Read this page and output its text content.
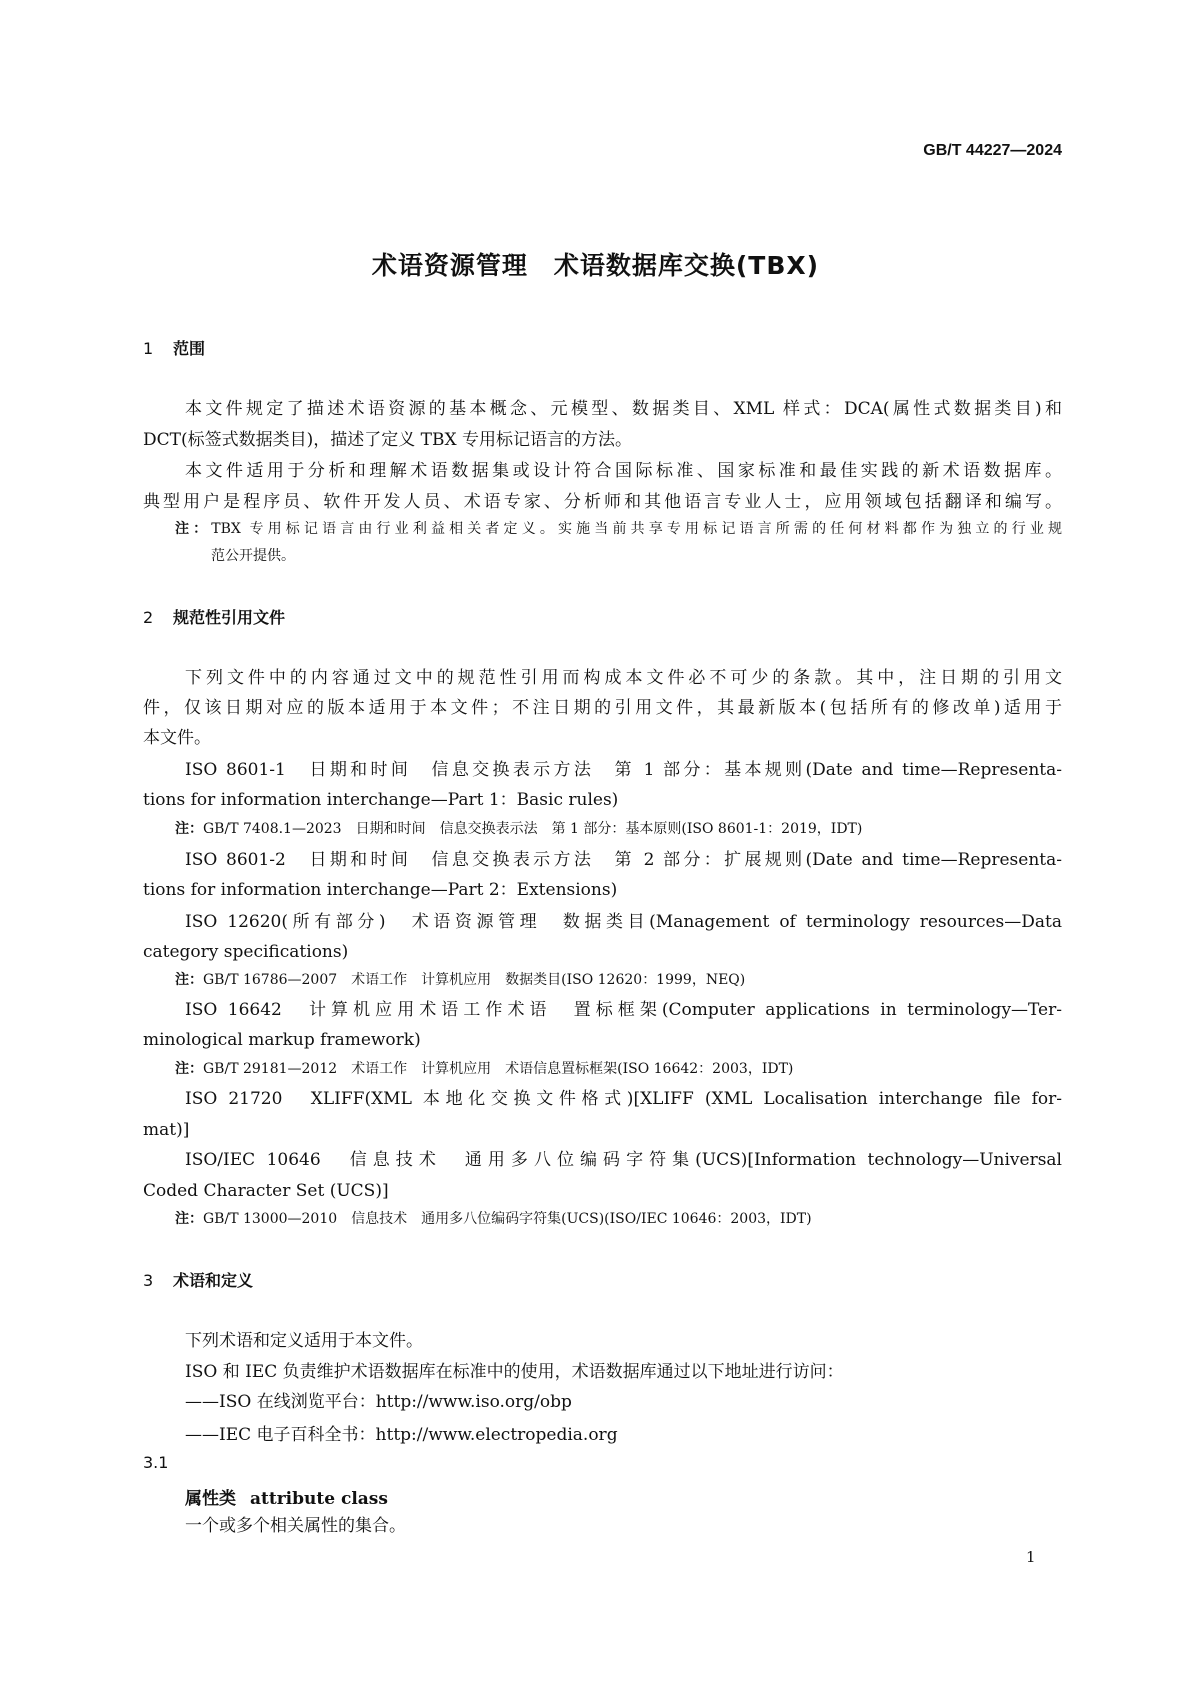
GB/T 44227—2024
术语资源管理　术语数据库交换(TBX)
1 范围
本文件规定了描述术语资源的基本概念、元模型、数据类目、XML 样式：DCA(属性式数据类目)和
DCT(标签式数据类目)，描述了定义 TBX 专用标记语言的方法。
本文件适用于分析和理解术语数据集或设计符合国际标准、国家标准和最佳实践的新术语数据库。
典型用户是程序员、软件开发人员、术语专家、分析师和其他语言专业人士，应用领域包括翻译和编写。
注：TBX 专用标记语言由行业利益相关者定义。实施当前共享专用标记语言所需的任何材料都作为独立的行业规
范公开提供。
2 规范性引用文件
下列文件中的内容通过文中的规范性引用而构成本文件必不可少的条款。其中，注日期的引用文
件，仅该日期对应的版本适用于本文件；不注日期的引用文件，其最新版本(包括所有的修改单)适用于
本文件。
ISO 8601-1　日期和时间　信息交换表示方法　第 1 部分：基本规则(Date and time—Representa-
tions for information interchange—Part 1：Basic rules)
注：GB/T 7408.1—2023　日期和时间　信息交换表示法　第 1 部分：基本原则(ISO 8601-1：2019，IDT)
ISO 8601-2　日期和时间　信息交换表示方法　第 2 部分：扩展规则(Date and time—Representa-
tions for information interchange—Part 2：Extensions)
ISO 12620(所有部分)　术语资源管理　数据类目(Management of terminology resources—Data
category specifications)
注：GB/T 16786—2007　术语工作　计算机应用　数据类目(ISO 12620：1999，NEQ)
ISO 16642　计算机应用术语工作术语　置标框架(Computer applications in terminology—Ter-
minological markup framework)
注：GB/T 29181—2012　术语工作　计算机应用　术语信息置标框架(ISO 16642：2003，IDT)
ISO 21720　XLIFF(XML 本地化交换文件格式)[XLIFF (XML Localisation interchange file for-
mat)]
ISO/IEC 10646　信息技术　通用多八位编码字符集(UCS)[Information technology—Universal
Coded Character Set (UCS)]
注：GB/T 13000—2010　信息技术　通用多八位编码字符集(UCS)(ISO/IEC 10646：2003，IDT)
3 术语和定义
下列术语和定义适用于本文件。
ISO 和 IEC 负责维护术语数据库在标准中的使用，术语数据库通过以下地址进行访问：
——ISO 在线浏览平台：http://www.iso.org/obp
——IEC 电子百科全书：http://www.electropedia.org
3.1
属性类 attribute class
一个或多个相关属性的集合。
1
